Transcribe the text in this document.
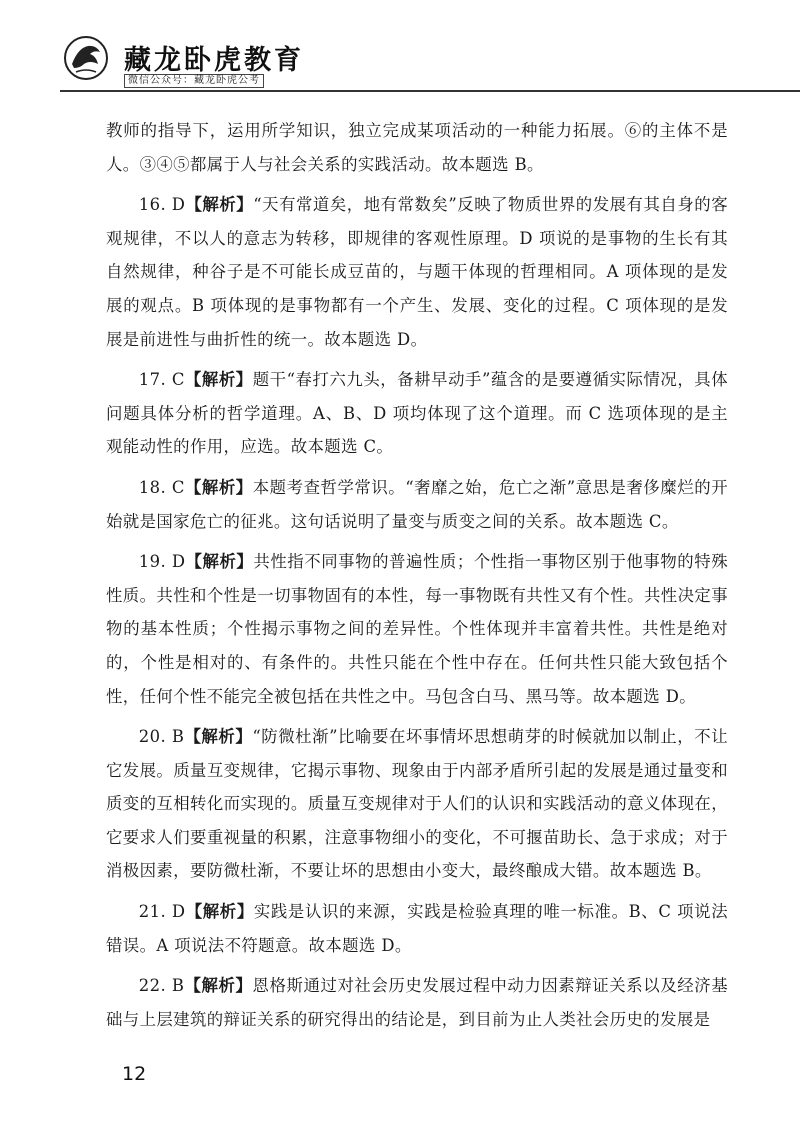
藏龙卧虎教育
微信公众号：藏龙卧虎公考

教师的指导下，运用所学知识，独立完成某项活动的一种能力拓展。⑥的主体不是人。③④⑤都属于人与社会关系的实践活动。故本题选 B。

16. D【解析】“天有常道矣，地有常数矣”反映了物质世界的发展有其自身的客观规律，不以人的意志为转移，即规律的客观性原理。D 项说的是事物的生长有其自然规律，种谷子是不可能长成豆苗的，与题干体现的哲理相同。A 项体现的是发展的观点。B 项体现的是事物都有一个产生、发展、变化的过程。C 项体现的是发展是前进性与曲折性的统一。故本题选 D。

17. C【解析】题干“春打六九头，备耕早动手”蕴含的是要遵循实际情况，具体问题具体分析的哲学道理。A、B、D 项均体现了这个道理。而 C 选项体现的是主观能动性的作用，应选。故本题选 C。

18. C【解析】本题考查哲学常识。“奢靡之始，危亡之渐”意思是奢侈糜烂的开始就是国家危亡的征兆。这句话说明了量变与质变之间的关系。故本题选 C。

19. D【解析】共性指不同事物的普遍性质；个性指一事物区别于他事物的特殊性质。共性和个性是一切事物固有的本性，每一事物既有共性又有个性。共性决定事物的基本性质；个性揭示事物之间的差异性。个性体现并丰富着共性。共性是绝对的，个性是相对的、有条件的。共性只能在个性中存在。任何共性只能大致包括个性，任何个性不能完全被包括在共性之中。马包含白马、黑马等。故本题选 D。

20. B【解析】“防微杜渐”比喻要在坏事情坏思想萌芽的时候就加以制止，不让它发展。质量互变规律，它揭示事物、现象由于内部矛盾所引起的发展是通过量变和质变的互相转化而实现的。质量互变规律对于人们的认识和实践活动的意义体现在，它要求人们要重视量的积累，注意事物细小的变化，不可揠苗助长、急于求成；对于消极因素，要防微杜渐，不要让坏的思想由小变大，最终酿成大错。故本题选 B。

21. D【解析】实践是认识的来源，实践是检验真理的唯一标准。B、C 项说法错误。A 项说法不符题意。故本题选 D。

22. B【解析】恩格斯通过对社会历史发展过程中动力因素辩证关系以及经济基础与上层建筑的辩证关系的研究得出的结论是，到目前为止人类社会历史的发展是

12
